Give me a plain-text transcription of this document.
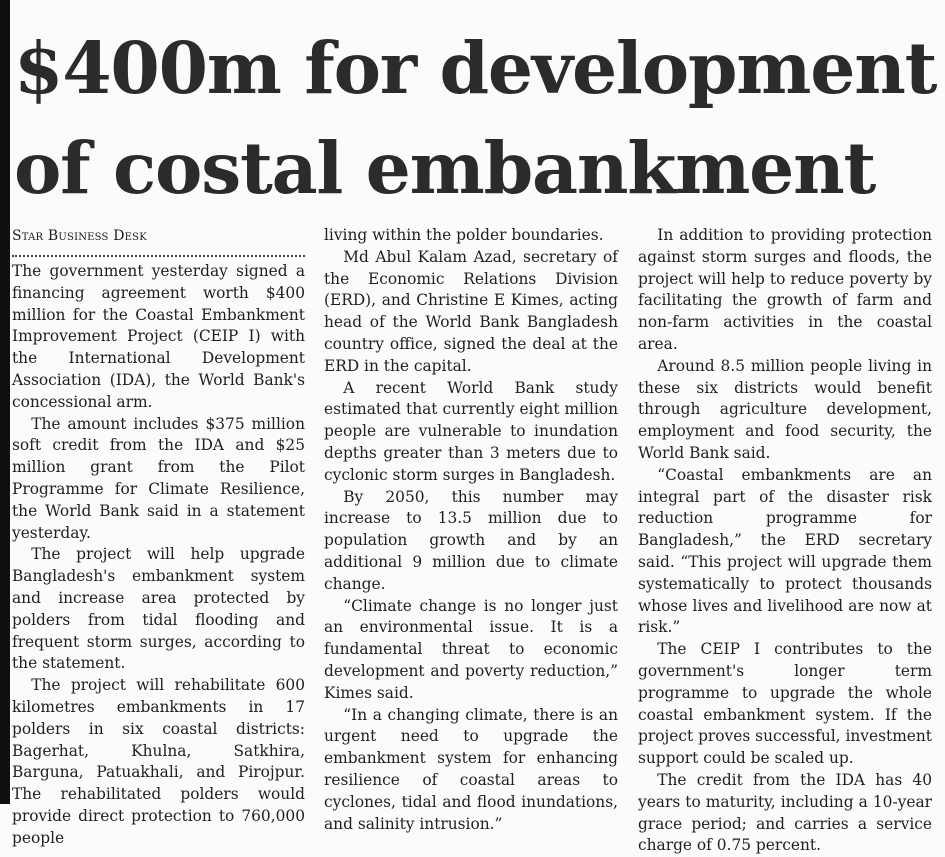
$400m for development
of costal embankment
Star Business Desk

The government yesterday signed a financing agreement worth $400 million for the Coastal Embankment Improvement Project (CEIP I) with the International Development Association (IDA), the World Bank's concessional arm.

The amount includes $375 million soft credit from the IDA and $25 million grant from the Pilot Programme for Climate Resilience, the World Bank said in a statement yesterday.

The project will help upgrade Bangladesh's embankment system and increase area protected by polders from tidal flooding and frequent storm surges, according to the statement.

The project will rehabilitate 600 kilometres embankments in 17 polders in six coastal districts: Bagerhat, Khulna, Satkhira, Barguna, Patuakhali, and Pirojpur. The rehabilitated polders would provide direct protection to 760,000 people

living within the polder boundaries.

Md Abul Kalam Azad, secretary of the Economic Relations Division (ERD), and Christine E Kimes, acting head of the World Bank Bangladesh country office, signed the deal at the ERD in the capital.

A recent World Bank study estimated that currently eight million people are vulnerable to inundation depths greater than 3 meters due to cyclonic storm surges in Bangladesh.

By 2050, this number may increase to 13.5 million due to population growth and by an additional 9 million due to climate change.

“Climate change is no longer just an environmental issue. It is a fundamental threat to economic development and poverty reduction,” Kimes said.

“In a changing climate, there is an urgent need to upgrade the embankment system for enhancing resilience of coastal areas to cyclones, tidal and flood inundations, and salinity intrusion.”

In addition to providing protection against storm surges and floods, the project will help to reduce poverty by facilitating the growth of farm and non-farm activities in the coastal area.

Around 8.5 million people living in these six districts would benefit through agriculture development, employment and food security, the World Bank said.

“Coastal embankments are an integral part of the disaster risk reduction programme for Bangladesh,” the ERD secretary said. “This project will upgrade them systematically to protect thousands whose lives and livelihood are now at risk.”

The CEIP I contributes to the government's longer term programme to upgrade the whole coastal embankment system. If the project proves successful, investment support could be scaled up.

The credit from the IDA has 40 years to maturity, including a 10-year grace period; and carries a service charge of 0.75 percent.
